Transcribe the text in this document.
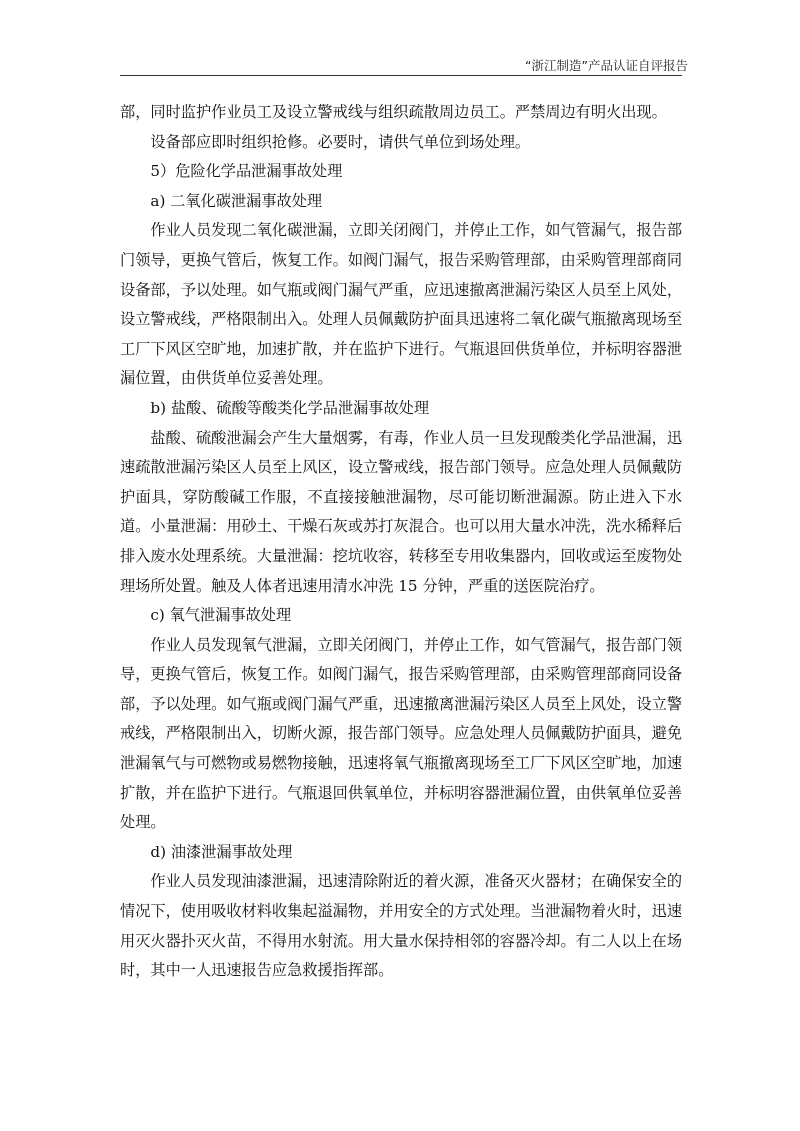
“浙江制造”产品认证自评报告

部，同时监护作业员工及设立警戒线与组织疏散周边员工。严禁周边有明火出现。

设备部应即时组织抢修。必要时，请供气单位到场处理。

5）危险化学品泄漏事故处理

a) 二氧化碳泄漏事故处理

作业人员发现二氧化碳泄漏，立即关闭阀门，并停止工作，如气管漏气，报告部门领导，更换气管后，恢复工作。如阀门漏气，报告采购管理部，由采购管理部商同设备部，予以处理。如气瓶或阀门漏气严重，应迅速撤离泄漏污染区人员至上风处，设立警戒线，严格限制出入。处理人员佩戴防护面具迅速将二氧化碳气瓶撤离现场至工厂下风区空旷地，加速扩散，并在监护下进行。气瓶退回供货单位，并标明容器泄漏位置，由供货单位妥善处理。

b) 盐酸、硫酸等酸类化学品泄漏事故处理

盐酸、硫酸泄漏会产生大量烟雾，有毒，作业人员一旦发现酸类化学品泄漏，迅速疏散泄漏污染区人员至上风区，设立警戒线，报告部门领导。应急处理人员佩戴防护面具，穿防酸碱工作服，不直接接触泄漏物，尽可能切断泄漏源。防止进入下水道。小量泄漏：用砂土、干燥石灰或苏打灰混合。也可以用大量水冲洗，洗水稀释后排入废水处理系统。大量泄漏：挖坑收容，转移至专用收集器内，回收或运至废物处理场所处置。触及人体者迅速用清水冲洗 15 分钟，严重的送医院治疗。

c) 氧气泄漏事故处理

作业人员发现氧气泄漏，立即关闭阀门，并停止工作，如气管漏气，报告部门领导，更换气管后，恢复工作。如阀门漏气，报告采购管理部，由采购管理部商同设备部，予以处理。如气瓶或阀门漏气严重，迅速撤离泄漏污染区人员至上风处，设立警戒线，严格限制出入，切断火源，报告部门领导。应急处理人员佩戴防护面具，避免泄漏氧气与可燃物或易燃物接触，迅速将氧气瓶撤离现场至工厂下风区空旷地，加速扩散，并在监护下进行。气瓶退回供氧单位，并标明容器泄漏位置，由供氧单位妥善处理。

d) 油漆泄漏事故处理

作业人员发现油漆泄漏，迅速清除附近的着火源，准备灭火器材；在确保安全的情况下，使用吸收材料收集起溢漏物，并用安全的方式处理。当泄漏物着火时，迅速用灭火器扑灭火苗，不得用水射流。用大量水保持相邻的容器冷却。有二人以上在场时，其中一人迅速报告应急救援指挥部。
